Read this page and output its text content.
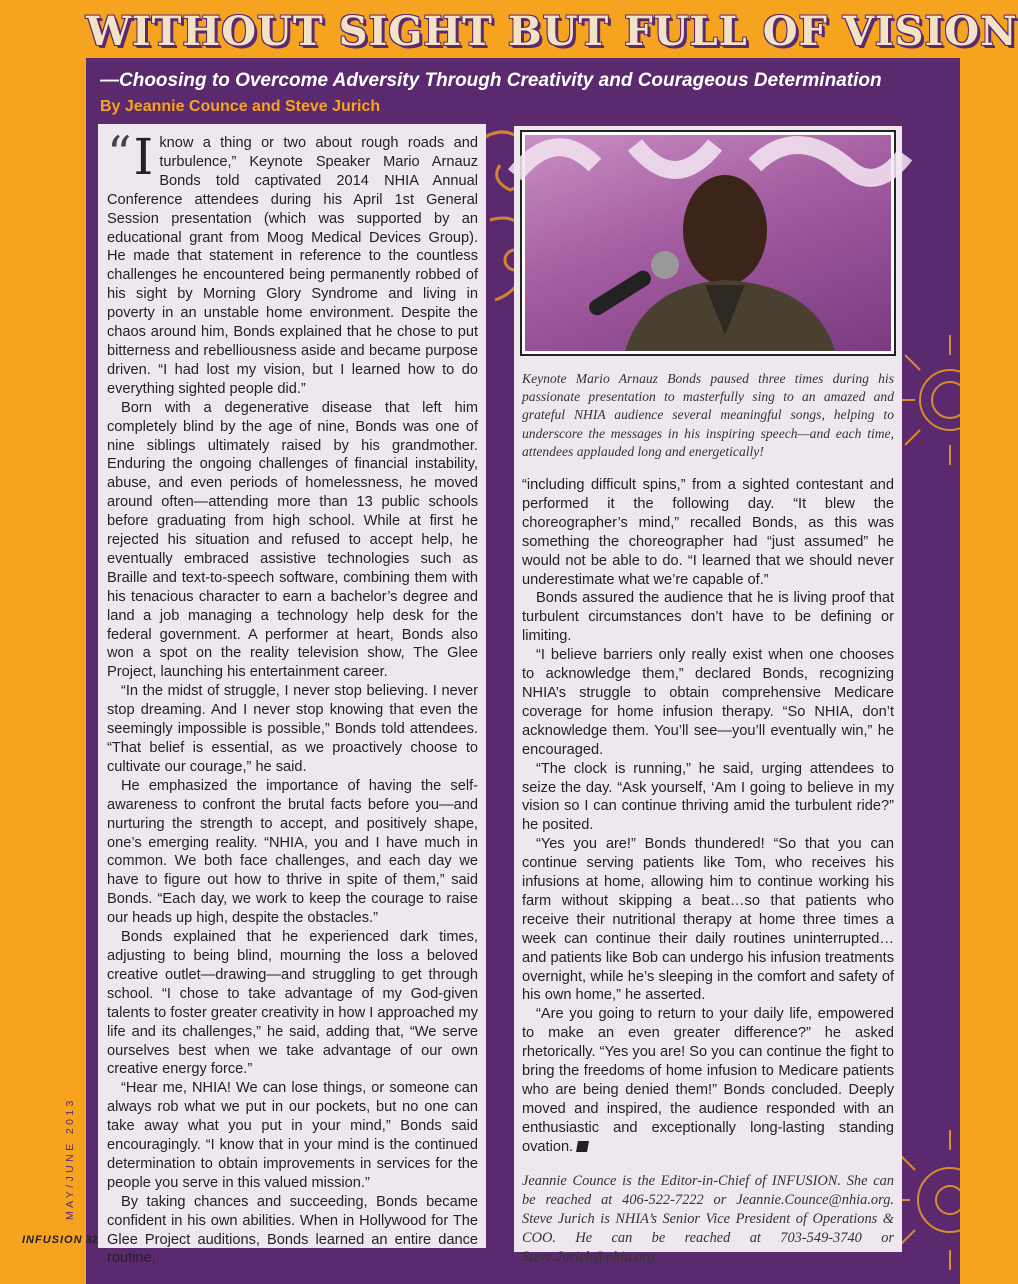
WITHOUT SIGHT BUT FULL OF VISION
—Choosing to Overcome Adversity Through Creativity and Courageous Determination
By Jeannie Counce and Steve Jurich

“ I know a thing or two about rough roads and turbulence,” Keynote Speaker Mario Arnauz Bonds told captivated 2014 NHIA Annual Conference attendees during his April 1st General Session presentation (which was supported by an educational grant from Moog Medical Devices Group). He made that statement in reference to the countless challenges he encountered being permanently robbed of his sight by Morning Glory Syndrome and living in poverty in an unstable home environment. Despite the chaos around him, Bonds explained that he chose to put bitterness and rebelliousness aside and became purpose driven. “I had lost my vision, but I learned how to do everything sighted people did.”

Born with a degenerative disease that left him completely blind by the age of nine, Bonds was one of nine siblings ultimately raised by his grandmother. Enduring the ongoing challenges of financial instability, abuse, and even periods of homelessness, he moved around often—attending more than 13 public schools before graduating from high school. While at first he rejected his situation and refused to accept help, he eventually embraced assistive technologies such as Braille and text-to-speech software, combining them with his tenacious character to earn a bachelor’s degree and land a job managing a technology help desk for the federal government. A performer at heart, Bonds also won a spot on the reality television show, The Glee Project, launching his entertainment career.

“In the midst of struggle, I never stop believing. I never stop dreaming. And I never stop knowing that even the seemingly impossible is possible,” Bonds told attendees. “That belief is essential, as we proactively choose to cultivate our courage,” he said.

He emphasized the importance of having the self-awareness to confront the brutal facts before you—and nurturing the strength to accept, and positively shape, one’s emerging reality. “NHIA, you and I have much in common. We both face challenges, and each day we have to figure out how to thrive in spite of them,” said Bonds. “Each day, we work to keep the courage to raise our heads up high, despite the obstacles.”

Bonds explained that he experienced dark times, adjusting to being blind, mourning the loss a beloved creative outlet—drawing—and struggling to get through school. “I chose to take advantage of my God-given talents to foster greater creativity in how I approached my life and its challenges,” he said, adding that, “We serve ourselves best when we take advantage of our own creative energy force.”

“Hear me, NHIA! We can lose things, or someone can always rob what we put in our pockets, but no one can take away what you put in your mind,” Bonds said encouragingly. “I know that in your mind is the continued determination to obtain improvements in services for the people you serve in this valued mission.”

By taking chances and succeeding, Bonds became confident in his own abilities. When in Hollywood for The Glee Project auditions, Bonds learned an entire dance routine,

Keynote Mario Arnauz Bonds paused three times during his passionate presentation to masterfully sing to an amazed and grateful NHIA audience several meaningful songs, helping to underscore the messages in his inspiring speech—and each time, attendees applauded long and energetically!

“including difficult spins,” from a sighted contestant and performed it the following day. “It blew the choreographer’s mind,” recalled Bonds, as this was something the choreographer had “just assumed” he would not be able to do. “I learned that we should never underestimate what we’re capable of.”

Bonds assured the audience that he is living proof that turbulent circumstances don’t have to be defining or limiting.

“I believe barriers only really exist when one chooses to acknowledge them,” declared Bonds, recognizing NHIA’s struggle to obtain comprehensive Medicare coverage for home infusion therapy. “So NHIA, don’t acknowledge them. You’ll see—you’ll eventually win,” he encouraged.

“The clock is running,” he said, urging attendees to seize the day. “Ask yourself, ‘Am I going to believe in my vision so I can continue thriving amid the turbulent ride?” he posited.

“Yes you are!” Bonds thundered! “So that you can continue serving patients like Tom, who receives his infusions at home, allowing him to continue working his farm without skipping a beat…so that patients who receive their nutritional therapy at home three times a week can continue their daily routines uninterrupted…and patients like Bob can undergo his infusion treatments overnight, while he’s sleeping in the comfort and safety of his own home,” he asserted.

“Are you going to return to your daily life, empowered to make an even greater difference?” he asked rhetorically. “Yes you are! So you can continue the fight to bring the freedoms of home infusion to Medicare patients who are being denied them!” Bonds concluded. Deeply moved and inspired, the audience responded with an enthusiastic and exceptionally long-lasting standing ovation.

Jeannie Counce is the Editor-in-Chief of INFUSION. She can be reached at 406-522-7222 or Jeannie.Counce@nhia.org. Steve Jurich is NHIA’s Senior Vice President of Operations & COO. He can be reached at 703-549-3740 or Steve.Jurich@nhia.org.
MAY/JUNE 2013
INFUSION 32
